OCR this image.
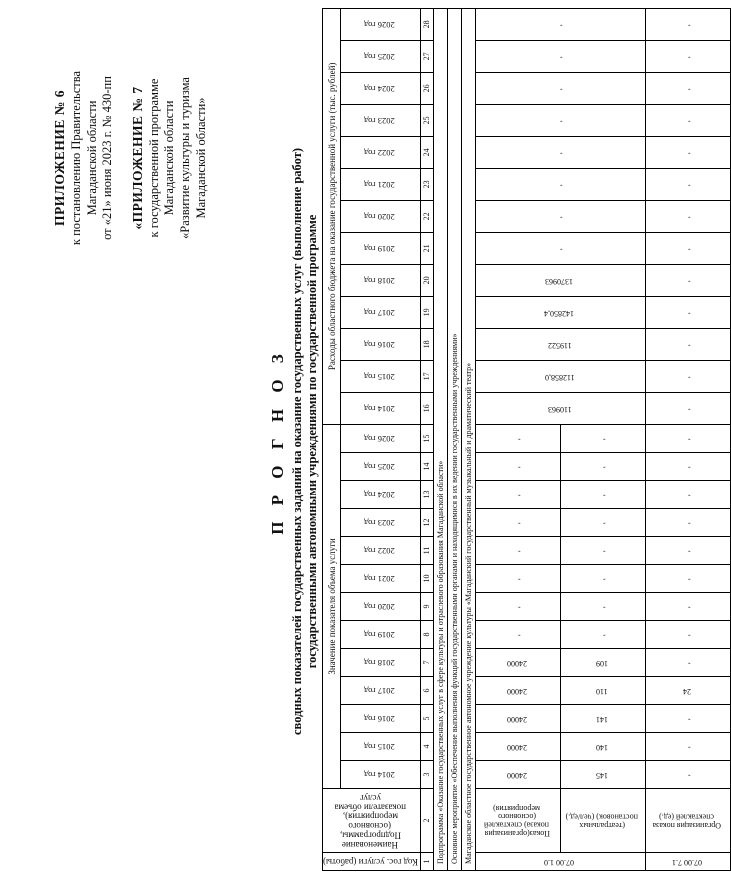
ПРИЛОЖЕНИЕ № 6 к постановлению Правительства Магаданской области от «21» июня 2023 г. № 430-пп «ПРИЛОЖЕНИЕ № 7 к государственной программе Магаданской области «Развитие культуры и туризма Магаданской области»
П Р О Г Н О З сводных показателей государственных заданий на оказание государственных услуг (выполнение работ) государственными автономными учреждениями по государственной программе
Код гос. услуги (работы)	Наименование Подпрограммы, (основного мероприятия), показатели объема услуг	Значение показателя объема услуги													Расходы областного бюджета на оказание государственной услуги (тыс. рублей)												
		2014 год	2015 год	2016 год	2017 год	2018 год	2019 год	2020 год	2021 год	2022 год	2023 год	2024 год	2025 год	2026 год	2014 год	2015 год	2016 год	2017 год	2018 год	2019 год	2020 год	2021 год	2022 год	2023 год	2024 год	2025 год	2026 год
1	2	3	4	5	6	7	8	9	10	11	12	13	14	15	16	17	18	19	20	21	22	23	24	25	26	27	28
Подпрограмма «Оказание государственных услуг в сфере культуры и отраслевого образования Магаданской области»																											
Основное мероприятие «Обеспечение выполнения функций государственными органами и находящимися в их ведении государственными учреждениями»																											
Магаданское областное государственное автономное учреждение культуры «Магаданский государственный музыкальный и драматический театр»																											
07.00 1.0	Показ(организация показа) спектаклей (основного мероприятия)	24000	24000	24000	24000	24000	-	-	-	-	-	-	-	-	110963	112858,0	119522	142850,4	1370963	-	-	-	-	-	-	-	-
	(театральных постановок) (чел/ед.)	145	140	141	110	109	-	-	-	-	-	-	-	-													
07.00 7.1	Организация показа спектаклей (ед.)	-	-	-	24	-	-	-	-	-	-	-	-	-	-	-	-	-	-	-	-	-	-	-	-	-	-
